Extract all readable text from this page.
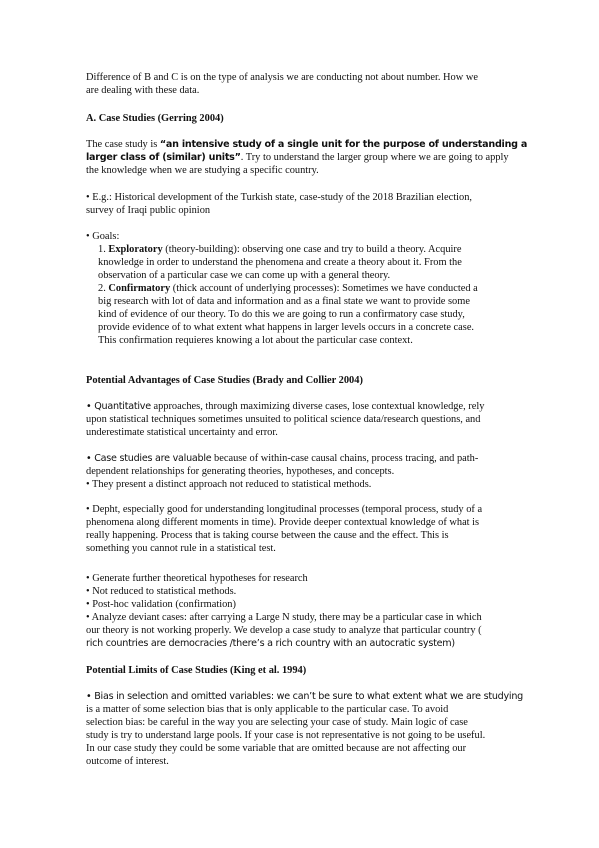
Difference of B and C is on the type of analysis we are conducting not about number. How we
are dealing with these data.
A. Case Studies (Gerring 2004)
The case study is “an intensive study of a single unit for the purpose of understanding a
larger class of (similar) units”. Try to understand the larger group where we are going to apply
the knowledge when we are studying a specific country.
• E.g.: Historical development of the Turkish state, case-study of the 2018 Brazilian election,
survey of Iraqi public opinion
• Goals:
1. Exploratory (theory-building): observing one case and try to build a theory. Acquire
knowledge in order to understand the phenomena and create a theory about it. From the
observation of a particular case we can come up with a general theory.
2. Confirmatory (thick account of underlying processes): Sometimes we have conducted a
big research with lot of data and information and as a final state we want to provide some
kind of evidence of our theory. To do this we are going to run a confirmatory case study,
provide evidence of to what extent what happens in larger levels occurs in a concrete case.
This confirmation requieres knowing a lot about the particular case context.
Potential Advantages of Case Studies (Brady and Collier 2004)
• Quantitative approaches, through maximizing diverse cases, lose contextual knowledge, rely
upon statistical techniques sometimes unsuited to political science data/research questions, and
underestimate statistical uncertainty and error.
• Case studies are valuable because of within-case causal chains, process tracing, and path-
dependent relationships for generating theories, hypotheses, and concepts.
• They present a distinct approach not reduced to statistical methods.
• Depht, especially good for understanding longitudinal processes (temporal process, study of a
phenomena along different moments in time). Provide deeper contextual knowledge of what is
really happening. Process that is taking course between the cause and the effect. This is
something you cannot rule in a statistical test.
• Generate further theoretical hypotheses for research
• Not reduced to statistical methods.
• Post-hoc validation (confirmation)
• Analyze deviant cases: after carrying a Large N study, there may be a particular case in which
our theory is not working properly. We develop a case study to analyze that particular country (
rich countries are democracies /there’s a rich country with an autocratic system)
Potential Limits of Case Studies (King et al. 1994)
• Bias in selection and omitted variables: we can’t be sure to what extent what we are studying
is a matter of some selection bias that is only applicable to the particular case. To avoid
selection bias: be careful in the way you are selecting your case of study. Main logic of case
study is try to understand large pools. If your case is not representative is not going to be useful.
In our case study they could be some variable that are omitted because are not affecting our
outcome of interest.
